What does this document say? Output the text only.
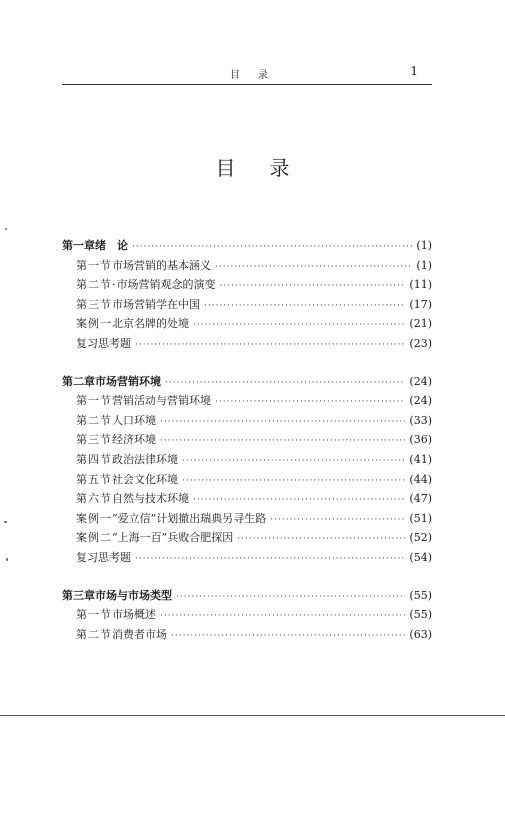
目录	1
目录
第一章 绪　论 ·····	(1)
第一节 市场营销的基本涵义 ·····	(1)
第二节· 市场营销观念的演变 ·····	(11)
第三节 市场营销学在中国 ·····	(17)
案例一 北京名牌的处境 ·····	(21)
复习思考题 ·····	(23)
第二章 市场营销环境 ·····	(24)
第一节 营销活动与营销环境 ·····	(24)
第二节 人口环境 ·····	(33)
第三节 经济环境 ·····	(36)
第四节 政治法律环境 ·····	(41)
第五节 社会文化环境 ·····	(44)
第六节 自然与技术环境 ·····	(47)
案例一 “爱立信”计划撤出瑞典另寻生路 ·····	(51)
案例二 “上海一百”兵败合肥探因 ·····	(52)
复习思考题 ·····	(54)
第三章 市场与市场类型 ·····	(55)
第一节 市场概述 ·····	(55)
第二节 消费者市场 ·····	(63)
